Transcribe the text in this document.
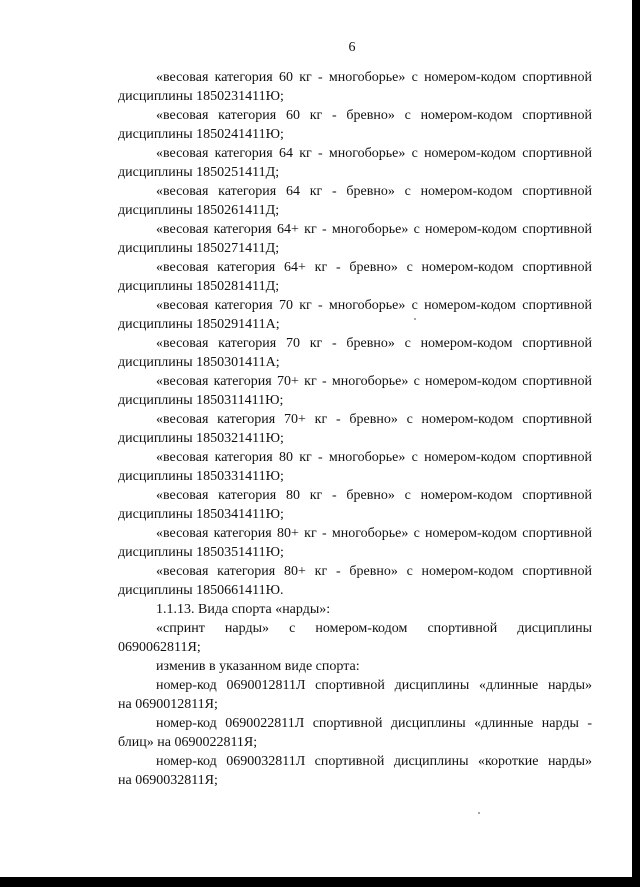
6
«весовая категория 60 кг - многоборье» с номером-кодом спортивной
дисциплины 1850231411Ю;
«весовая категория 60 кг - бревно» с номером-кодом спортивной
дисциплины 1850241411Ю;
«весовая категория 64 кг - многоборье» с номером-кодом спортивной
дисциплины 1850251411Д;
«весовая категория 64 кг - бревно» с номером-кодом спортивной
дисциплины 1850261411Д;
«весовая категория 64+ кг - многоборье» с номером-кодом спортивной
дисциплины 1850271411Д;
«весовая категория 64+ кг - бревно» с номером-кодом спортивной
дисциплины 1850281411Д;
«весовая категория 70 кг - многоборье» с номером-кодом спортивной
дисциплины 1850291411А;
«весовая категория 70 кг - бревно» с номером-кодом спортивной
дисциплины 1850301411А;
«весовая категория 70+ кг - многоборье» с номером-кодом спортивной
дисциплины 1850311411Ю;
«весовая категория 70+ кг - бревно» с номером-кодом спортивной
дисциплины 1850321411Ю;
«весовая категория 80 кг - многоборье» с номером-кодом спортивной
дисциплины 1850331411Ю;
«весовая категория 80 кг - бревно» с номером-кодом спортивной
дисциплины 1850341411Ю;
«весовая категория 80+ кг - многоборье» с номером-кодом спортивной
дисциплины 1850351411Ю;
«весовая категория 80+ кг - бревно» с номером-кодом спортивной
дисциплины 1850661411Ю.
1.1.13. Вида спорта «нарды»:
«спринт нарды» с номером-кодом спортивной дисциплины
0690062811Я;
изменив в указанном виде спорта:
номер-код 0690012811Л спортивной дисциплины «длинные нарды»
на 0690012811Я;
номер-код 0690022811Л спортивной дисциплины «длинные нарды -
блиц» на 0690022811Я;
номер-код 0690032811Л спортивной дисциплины «короткие нарды»
на 0690032811Я;
